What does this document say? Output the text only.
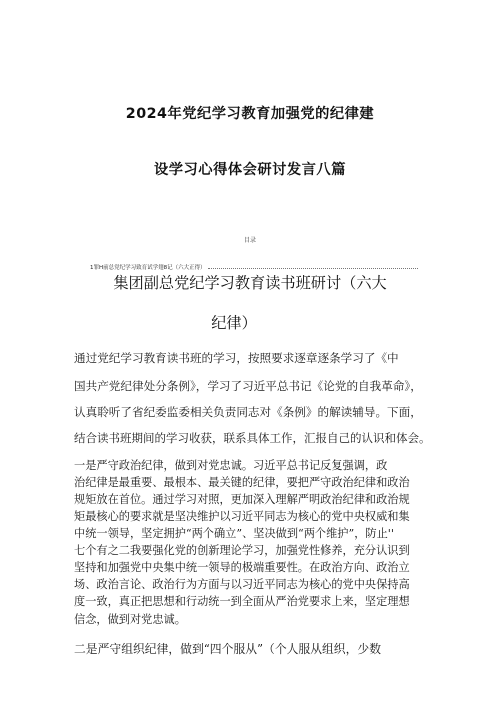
2024年党纪学习教育加强党的纪律建
设学习心得体会研讨发言八篇
目录
1罪H前总党纪学习致育试学翅8记（六大正得）
集团副总党纪学习教育读书班研讨（六大
纪律）
通过党纪学习教育读书班的学习，按照要求逐章逐条学习了《中
国共产党纪律处分条例》，学习了习近平总书记《论党的自我革命》，
认真聆听了省纪委监委相关负责同志对《条例》的解读辅导。下面，
结合读书班期间的学习收获，联系具体工作，汇报自己的认识和体会。
一是严守政治纪律，做到对党忠诚。习近平总书记反复强调，政
治纪律是最重要、最根本、最关键的纪律，要把严守政治纪律和政治
规矩放在首位。通过学习对照，更加深入理解严明政治纪律和政治规
矩最核心的要求就是坚决维护以习近平同志为核心的党中央权威和集
中统一领导，坚定拥护“两个确立”、坚决做到“两个维护”，防止''
七个有之二我要强化党的创新理论学习，加强党性修养，充分认识到
坚持和加强党中央集中统一领导的极端重要性。在政治方向、政治立
场、政治言论、政治行为方面与以习近平同志为核心的党中央保持高
度一致，真正把思想和行动统一到全面从严治党要求上来，坚定理想
信念，做到对党忠诚。
二是严守组织纪律，做到“四个服从”（个人服从组织，少数
